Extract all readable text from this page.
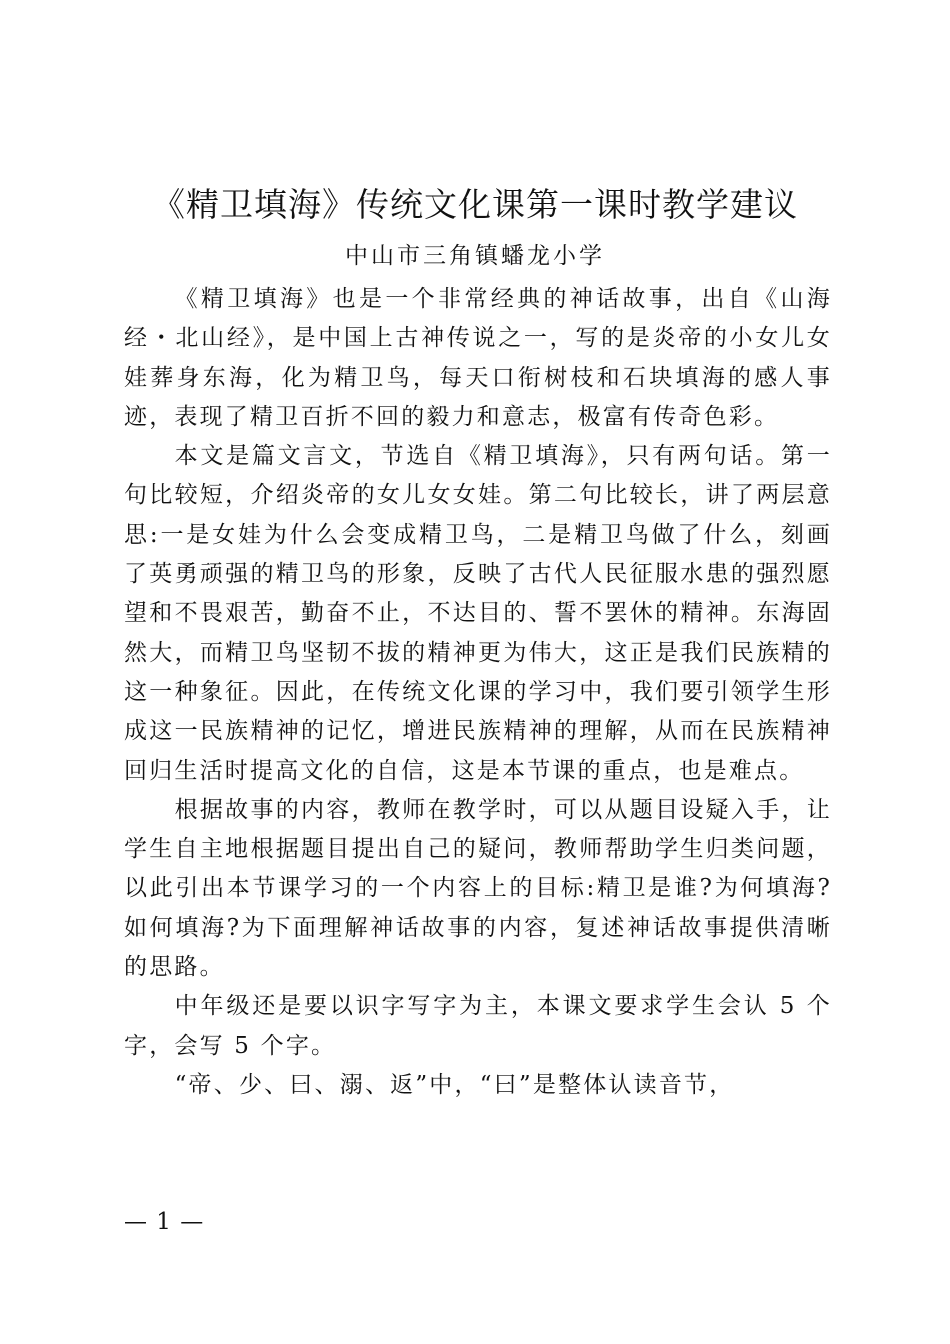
《精卫填海》传统文化课第一课时教学建议
中山市三角镇蟠龙小学

《精卫填海》也是一个非常经典的神话故事，出自《山海经・北山经》，是中国上古神传说之一，写的是炎帝的小女儿女娃葬身东海，化为精卫鸟，每天口衔树枝和石块填海的感人事迹，表现了精卫百折不回的毅力和意志，极富有传奇色彩。

本文是篇文言文，节选自《精卫填海》，只有两句话。第一句比较短，介绍炎帝的女儿女女娃。第二句比较长，讲了两层意思:一是女娃为什么会变成精卫鸟，二是精卫鸟做了什么，刻画了英勇顽强的精卫鸟的形象，反映了古代人民征服水患的强烈愿望和不畏艰苦，勤奋不止，不达目的、誓不罢休的精神。东海固然大，而精卫鸟坚韧不拔的精神更为伟大，这正是我们民族精的这一种象征。因此，在传统文化课的学习中，我们要引领学生形成这一民族精神的记忆，增进民族精神的理解，从而在民族精神回归生活时提高文化的自信，这是本节课的重点，也是难点。

根据故事的内容，教师在教学时，可以从题目设疑入手，让学生自主地根据题目提出自己的疑问，教师帮助学生归类问题，以此引出本节课学习的一个内容上的目标:精卫是谁?为何填海?如何填海?为下面理解神话故事的内容，复述神话故事提供清晰的思路。

中年级还是要以识字写字为主，本课文要求学生会认 5 个字，会写 5 个字。

“帝、少、曰、溺、返”中，“曰”是整体认读音节，

— 1 —
